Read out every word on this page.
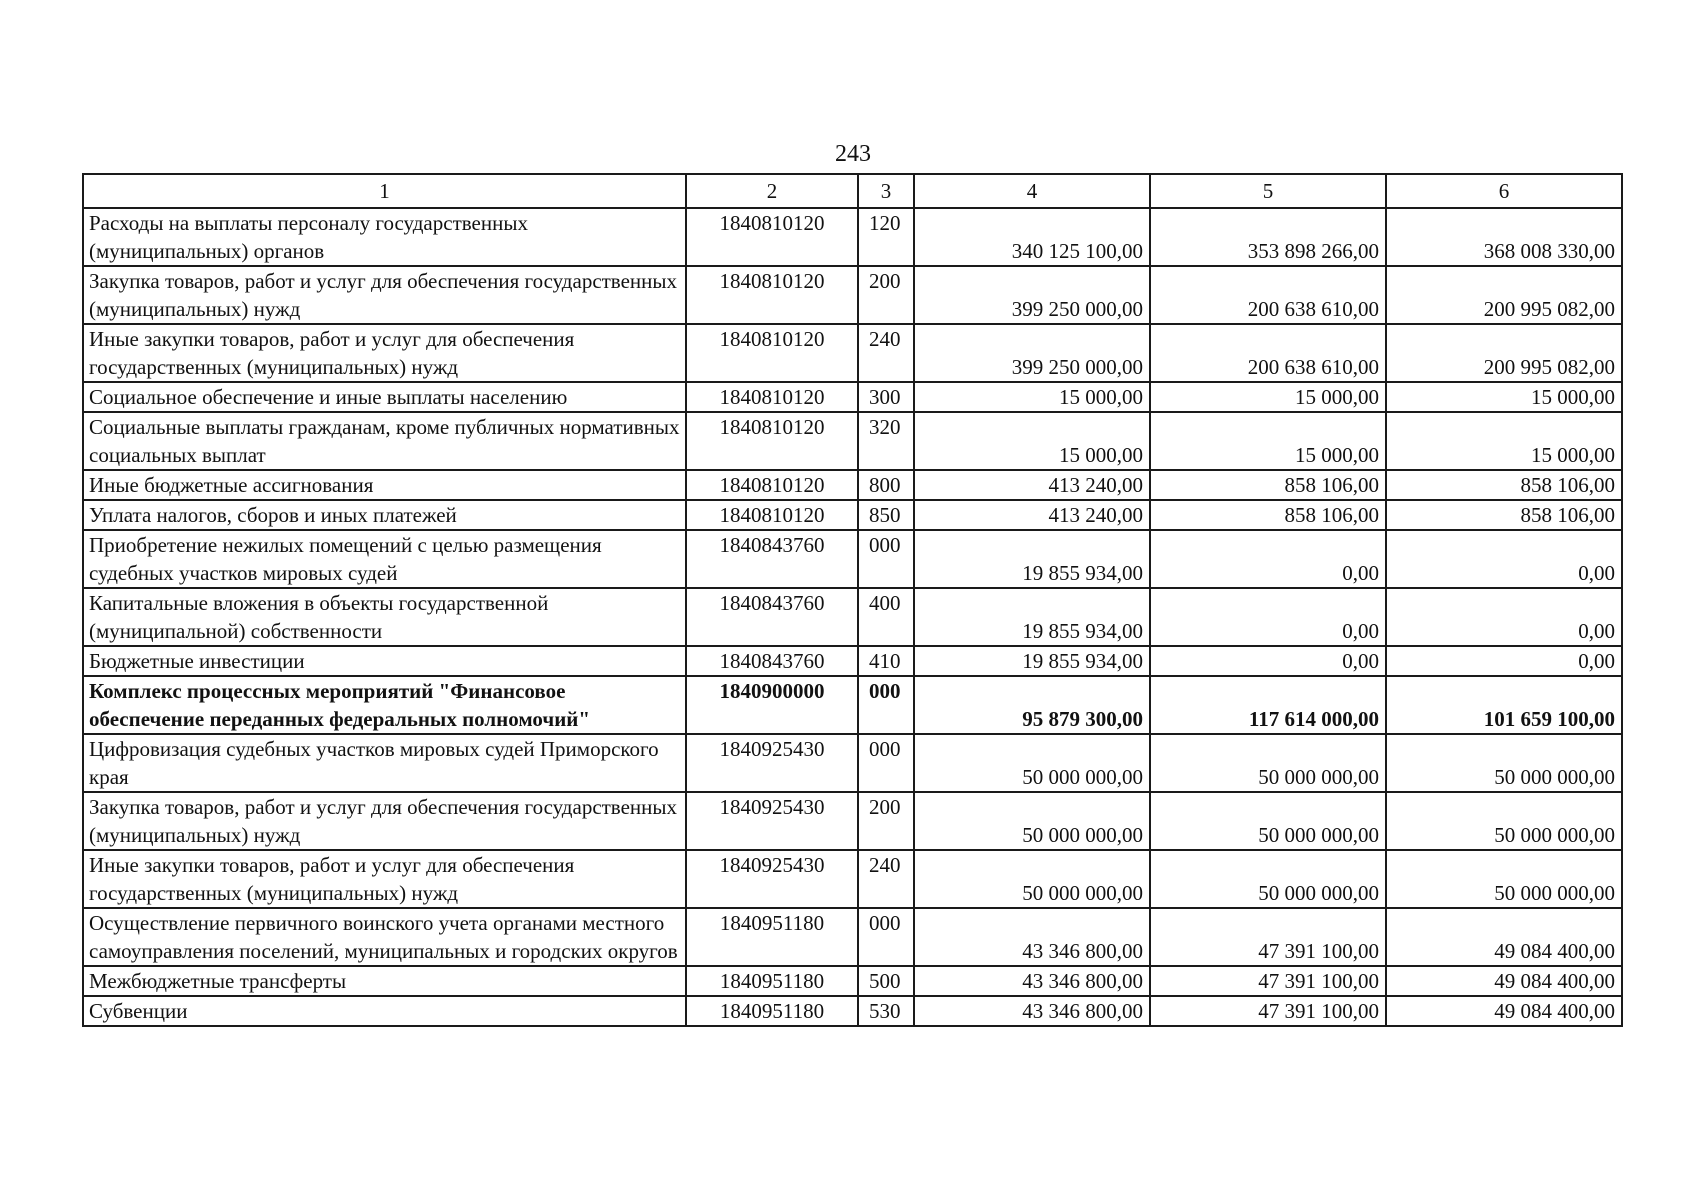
243
1	2	3	4	5	6
Расходы на выплаты персоналу государственных (муниципальных) органов	1840810120	120	340 125 100,00	353 898 266,00	368 008 330,00
Закупка товаров, работ и услуг для обеспечения государственных (муниципальных) нужд	1840810120	200	399 250 000,00	200 638 610,00	200 995 082,00
Иные закупки товаров, работ и услуг для обеспечения государственных (муниципальных) нужд	1840810120	240	399 250 000,00	200 638 610,00	200 995 082,00
Социальное обеспечение и иные выплаты населению	1840810120	300	15 000,00	15 000,00	15 000,00
Социальные выплаты гражданам, кроме публичных нормативных социальных выплат	1840810120	320	15 000,00	15 000,00	15 000,00
Иные бюджетные ассигнования	1840810120	800	413 240,00	858 106,00	858 106,00
Уплата налогов, сборов и иных платежей	1840810120	850	413 240,00	858 106,00	858 106,00
Приобретение нежилых помещений с целью размещения судебных участков мировых судей	1840843760	000	19 855 934,00	0,00	0,00
Капитальные вложения в объекты государственной (муниципальной) собственности	1840843760	400	19 855 934,00	0,00	0,00
Бюджетные инвестиции	1840843760	410	19 855 934,00	0,00	0,00
Комплекс процессных мероприятий "Финансовое обеспечение переданных федеральных полномочий"	1840900000	000	95 879 300,00	117 614 000,00	101 659 100,00
Цифровизация судебных участков мировых судей Приморского края	1840925430	000	50 000 000,00	50 000 000,00	50 000 000,00
Закупка товаров, работ и услуг для обеспечения государственных (муниципальных) нужд	1840925430	200	50 000 000,00	50 000 000,00	50 000 000,00
Иные закупки товаров, работ и услуг для обеспечения государственных (муниципальных) нужд	1840925430	240	50 000 000,00	50 000 000,00	50 000 000,00
Осуществление первичного воинского учета органами местного самоуправления поселений, муниципальных и городских округов	1840951180	000	43 346 800,00	47 391 100,00	49 084 400,00
Межбюджетные трансферты	1840951180	500	43 346 800,00	47 391 100,00	49 084 400,00
Субвенции	1840951180	530	43 346 800,00	47 391 100,00	49 084 400,00
